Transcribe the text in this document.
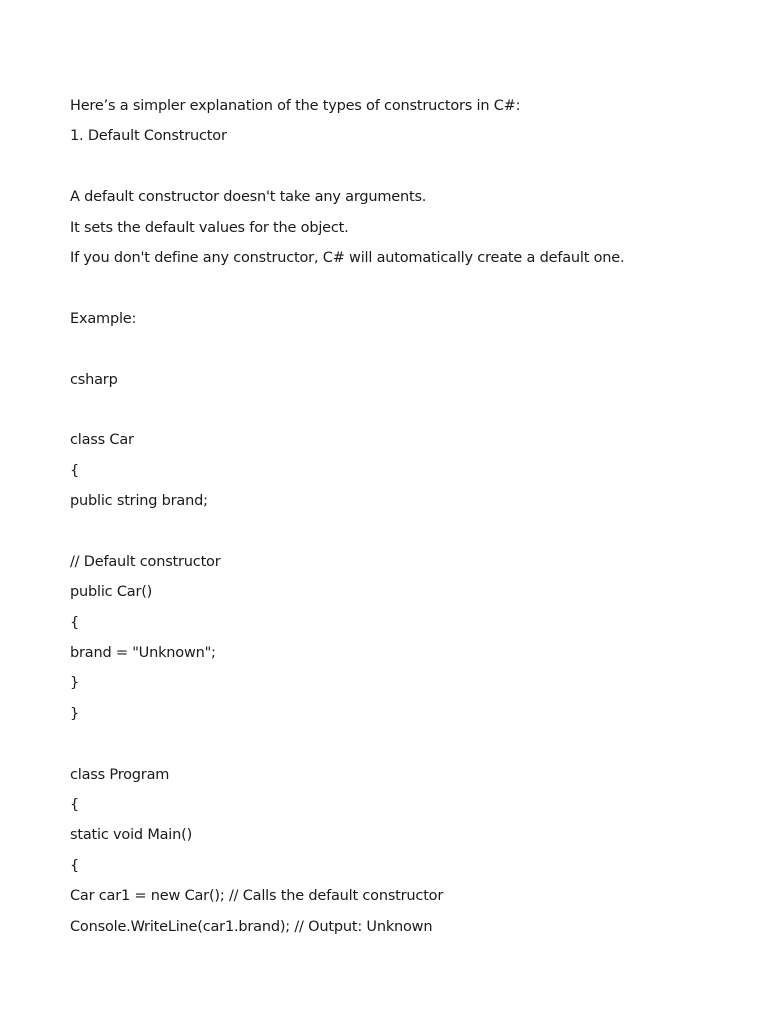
Here’s a simpler explanation of the types of constructors in C#:
1. Default Constructor
A default constructor doesn't take any arguments.
It sets the default values for the object.
If you don't define any constructor, C# will automatically create a default one.
Example:
csharp
class Car
{
public string brand;
// Default constructor
public Car()
{
brand = "Unknown";
}
}
class Program
{
static void Main()
{
Car car1 = new Car(); // Calls the default constructor
Console.WriteLine(car1.brand); // Output: Unknown
